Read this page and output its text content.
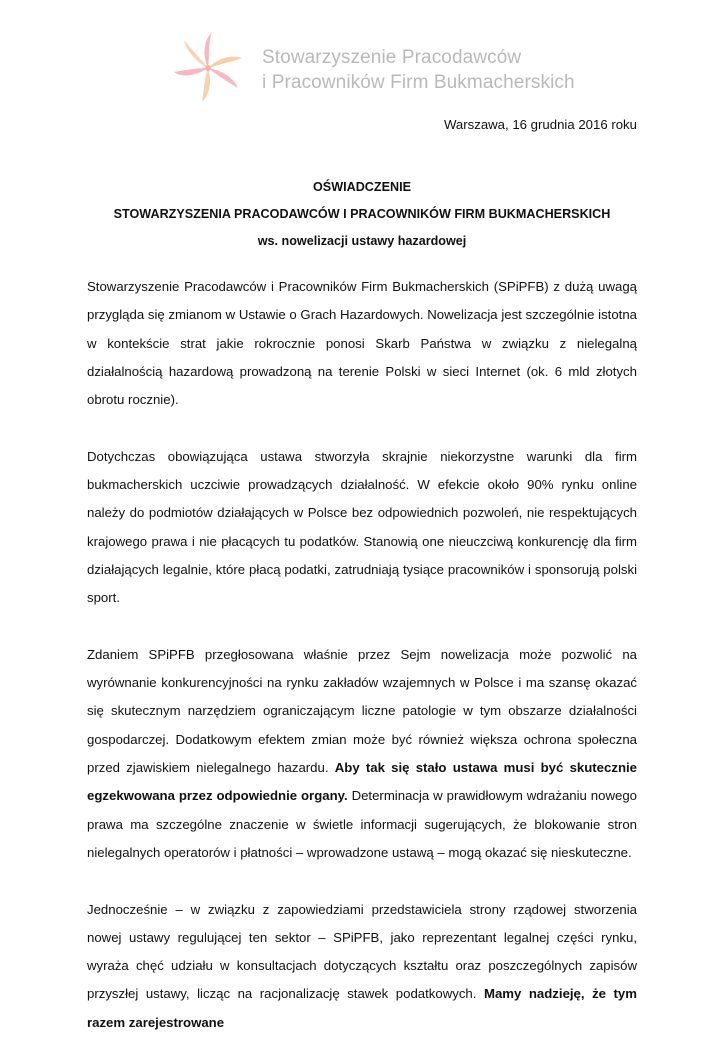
Stowarzyszenie Pracodawców
i Pracowników Firm Bukmacherskich
Warszawa, 16 grudnia 2016 roku
OŚWIADCZENIE
STOWARZYSZENIA PRACODAWCÓW I PRACOWNIKÓW FIRM BUKMACHERSKICH
ws. nowelizacji ustawy hazardowej

Stowarzyszenie Pracodawców i Pracowników Firm Bukmacherskich (SPiPFB) z dużą uwagą przygląda się zmianom w Ustawie o Grach Hazardowych. Nowelizacja jest szczególnie istotna w kontekście strat jakie rokrocznie ponosi Skarb Państwa w związku z nielegalną działalnością hazardową prowadzoną na terenie Polski w sieci Internet (ok. 6 mld złotych obrotu rocznie).

Dotychczas obowiązująca ustawa stworzyła skrajnie niekorzystne warunki dla firm bukmacherskich uczciwie prowadzących działalność. W efekcie około 90% rynku online należy do podmiotów działających w Polsce bez odpowiednich pozwoleń, nie respektujących krajowego prawa i nie płacących tu podatków. Stanowią one nieuczciwą konkurencję dla firm działających legalnie, które płacą podatki, zatrudniają tysiące pracowników i sponsorują polski sport.

Zdaniem SPiPFB przegłosowana właśnie przez Sejm nowelizacja może pozwolić na wyrównanie konkurencyjności na rynku zakładów wzajemnych w Polsce i ma szansę okazać się skutecznym narzędziem ograniczającym liczne patologie w tym obszarze działalności gospodarczej. Dodatkowym efektem zmian może być również większa ochrona społeczna przed zjawiskiem nielegalnego hazardu. Aby tak się stało ustawa musi być skutecznie egzekwowana przez odpowiednie organy. Determinacja w prawidłowym wdrażaniu nowego prawa ma szczególne znaczenie w świetle informacji sugerujących, że blokowanie stron nielegalnych operatorów i płatności – wprowadzone ustawą – mogą okazać się nieskuteczne.

Jednocześnie – w związku z zapowiedziami przedstawiciela strony rządowej stworzenia nowej ustawy regulującej ten sektor – SPiPFB, jako reprezentant legalnej części rynku, wyraża chęć udziału w konsultacjach dotyczących kształtu oraz poszczególnych zapisów przyszłej ustawy, licząc na racjonalizację stawek podatkowych. Mamy nadzieję, że tym razem zarejestrowane
